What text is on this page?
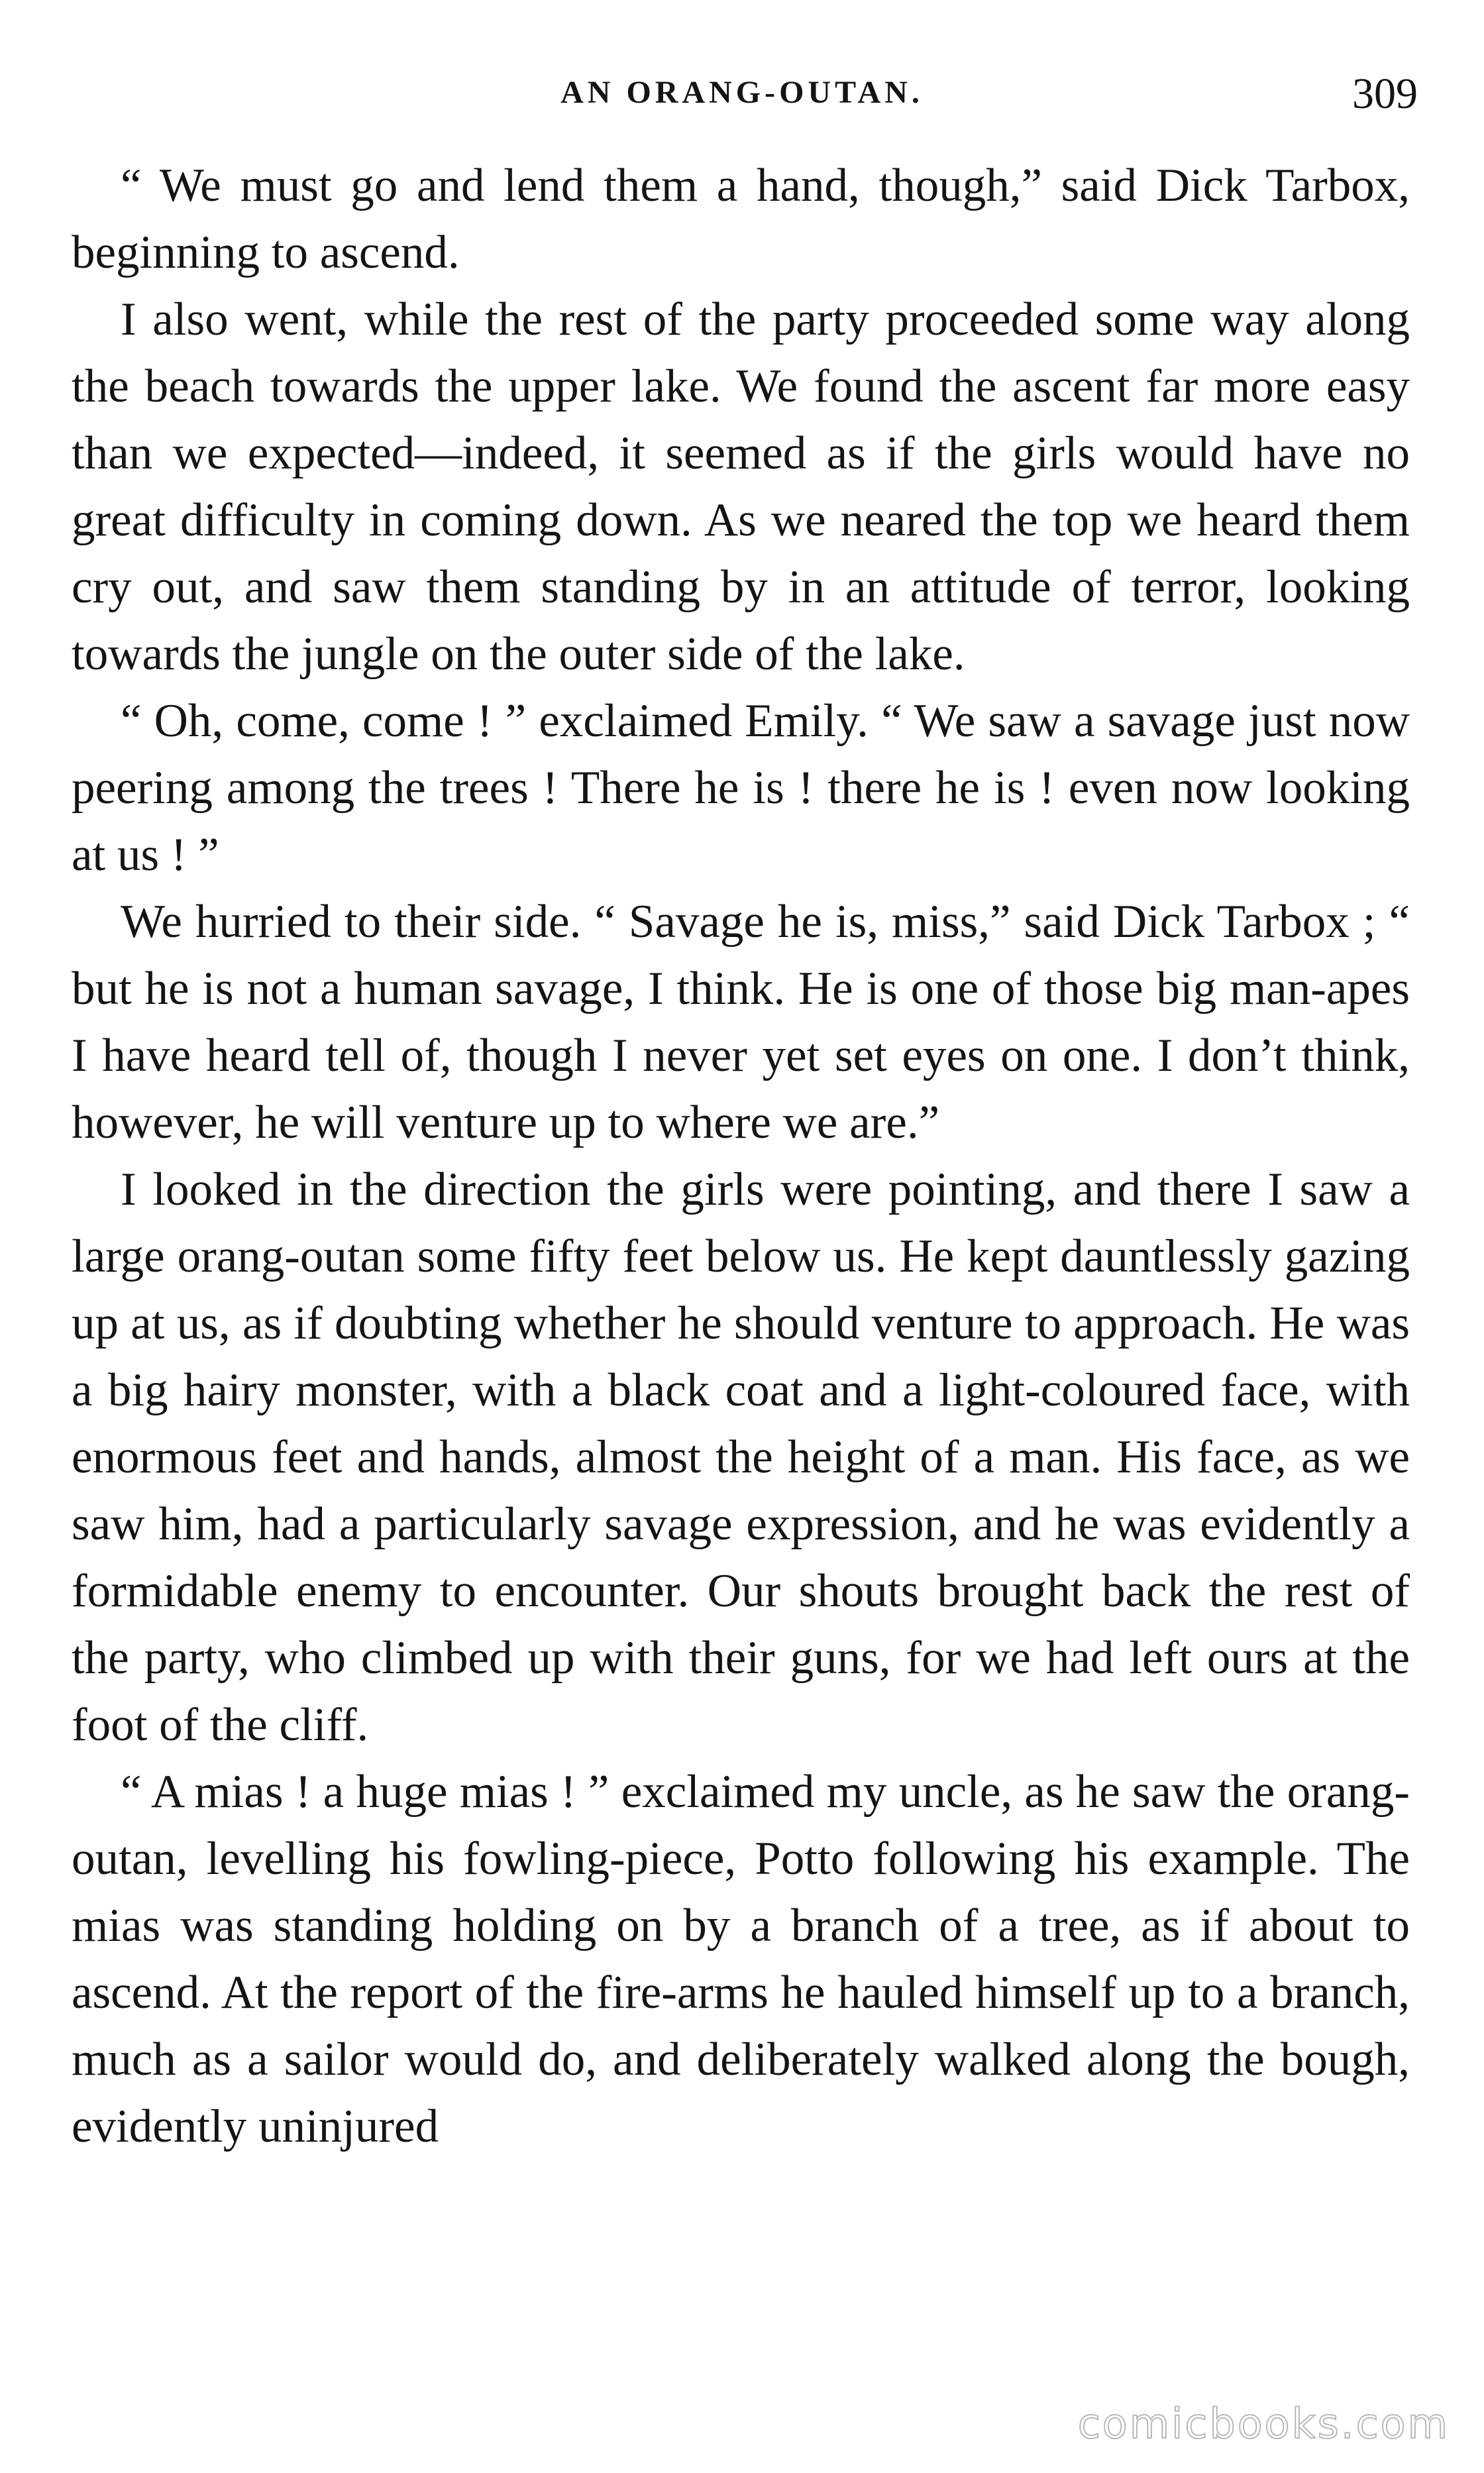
AN ORANG-OUTAN.	309

“ We must go and lend them a hand, though,” said Dick Tarbox, beginning to ascend.

I also went, while the rest of the party proceeded some way along the beach towards the upper lake. We found the ascent far more easy than we expected—indeed, it seemed as if the girls would have no great difficulty in coming down. As we neared the top we heard them cry out, and saw them standing by in an attitude of terror, looking towards the jungle on the outer side of the lake.

“ Oh, come, come ! ” exclaimed Emily. “ We saw a savage just now peering among the trees ! There he is ! there he is ! even now looking at us ! ”

We hurried to their side. “ Savage he is, miss,” said Dick Tarbox ; “ but he is not a human savage, I think. He is one of those big man-apes I have heard tell of, though I never yet set eyes on one. I don’t think, however, he will venture up to where we are.”

I looked in the direction the girls were pointing, and there I saw a large orang-outan some fifty feet below us. He kept dauntlessly gazing up at us, as if doubting whether he should venture to approach. He was a big hairy monster, with a black coat and a light-coloured face, with enormous feet and hands, almost the height of a man. His face, as we saw him, had a particularly savage expression, and he was evidently a formidable enemy to encounter. Our shouts brought back the rest of the party, who climbed up with their guns, for we had left ours at the foot of the cliff.

“ A mias ! a huge mias ! ” exclaimed my uncle, as he saw the orang-outan, levelling his fowling-piece, Potto following his example. The mias was standing holding on by a branch of a tree, as if about to ascend. At the report of the fire-arms he hauled himself up to a branch, much as a sailor would do, and deliberately walked along the bough, evidently uninjured

comicbooks.com
